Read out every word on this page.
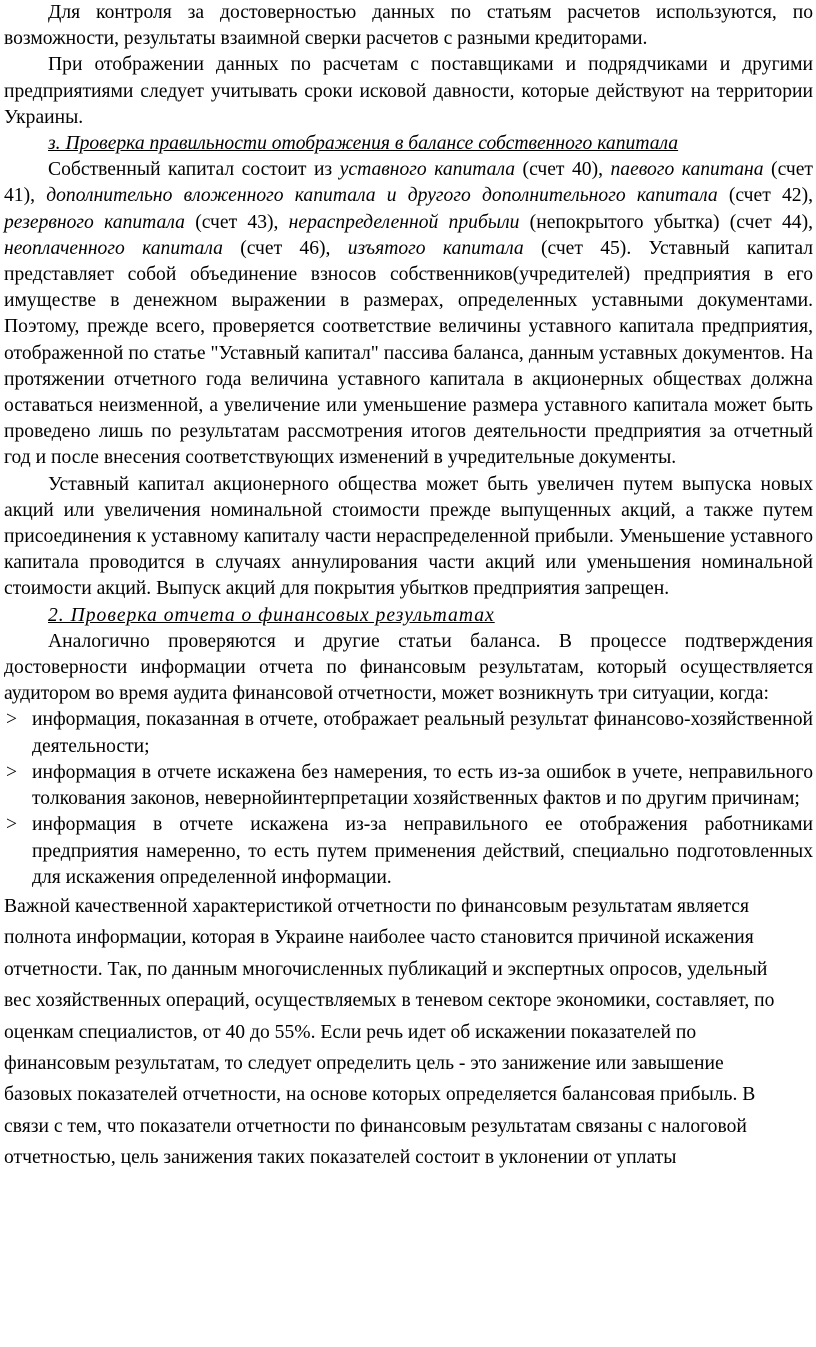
Для контроля за достоверностью данных по статьям расчетов используются, по возможности, результаты взаимной сверки расчетов с разными кредиторами.

При отображении данных по расчетам с поставщиками и подрядчиками и другими предприятиями следует учитывать сроки исковой давности, которые действуют на территории Украины.

з. Проверка правильности отображения в балансе собственного капитала

Собственный капитал состоит из уставного капитала (счет 40), паевого капитана (счет 41), дополнительно вложенного капитала и другого дополнительного капитала (счет 42), резервного капитала (счет 43), нераспределенной прибыли (непокрытого убытка) (счет 44), неоплаченного капитала (счет 46), изъятого капитала (счет 45). Уставный капитал представляет собой объединение взносов собственников(учредителей) предприятия в его имуществе в денежном выражении в размерах, определенных уставными документами. Поэтому, прежде всего, проверяется соответствие величины уставного капитала предприятия, отображенной по статье "Уставный капитал" пассива баланса, данным уставных документов. На протяжении отчетного года величина уставного капитала в акционерных обществах должна оставаться неизменной, а увеличение или уменьшение размера уставного капитала может быть проведено лишь по результатам рассмотрения итогов деятельности предприятия за отчетный год и после внесения соответствующих изменений в учредительные документы.

Уставный капитал акционерного общества может быть увеличен путем выпуска новых акций или увеличения номинальной стоимости прежде выпущенных акций, а также путем присоединения к уставному капиталу части нераспределенной прибыли. Уменьшение уставного капитала проводится в случаях аннулирования части акций или уменьшения номинальной стоимости акций. Выпуск акций для покрытия убытков предприятия запрещен.

2. Проверка отчета о финансовых результатах

Аналогично проверяются и другие статьи баланса. В процессе подтверждения достоверности информации отчета по финансовым результатам, который осуществляется аудитором во время аудита финансовой отчетности, может возникнуть три ситуации, когда:

> информация, показанная в отчете, отображает реальный результат финансово-хозяйственной деятельности;
> информация в отчете искажена без намерения, то есть из-за ошибок в учете, неправильного толкования законов, невернойинтерпретации хозяйственных фактов и по другим причинам;
> информация в отчете искажена из-за неправильного ее отображения работниками предприятия намеренно, то есть путем применения действий, специально подготовленных для искажения определенной информации.

Важной качественной характеристикой отчетности по финансовым результатам является полнота информации, которая в Украине наиболее часто становится причиной искажения отчетности. Так, по данным многочисленных публикаций и экспертных опросов, удельный вес хозяйственных операций, осуществляемых в теневом секторе экономики, составляет, по оценкам специалистов, от 40 до 55%. Если речь идет об искажении показателей по финансовым результатам, то следует определить цель - это занижение или завышение базовых показателей отчетности, на основе которых определяется балансовая прибыль. В связи с тем, что показатели отчетности по финансовым результатам связаны с налоговой отчетностью, цель занижения таких показателей состоит в уклонении от уплаты
